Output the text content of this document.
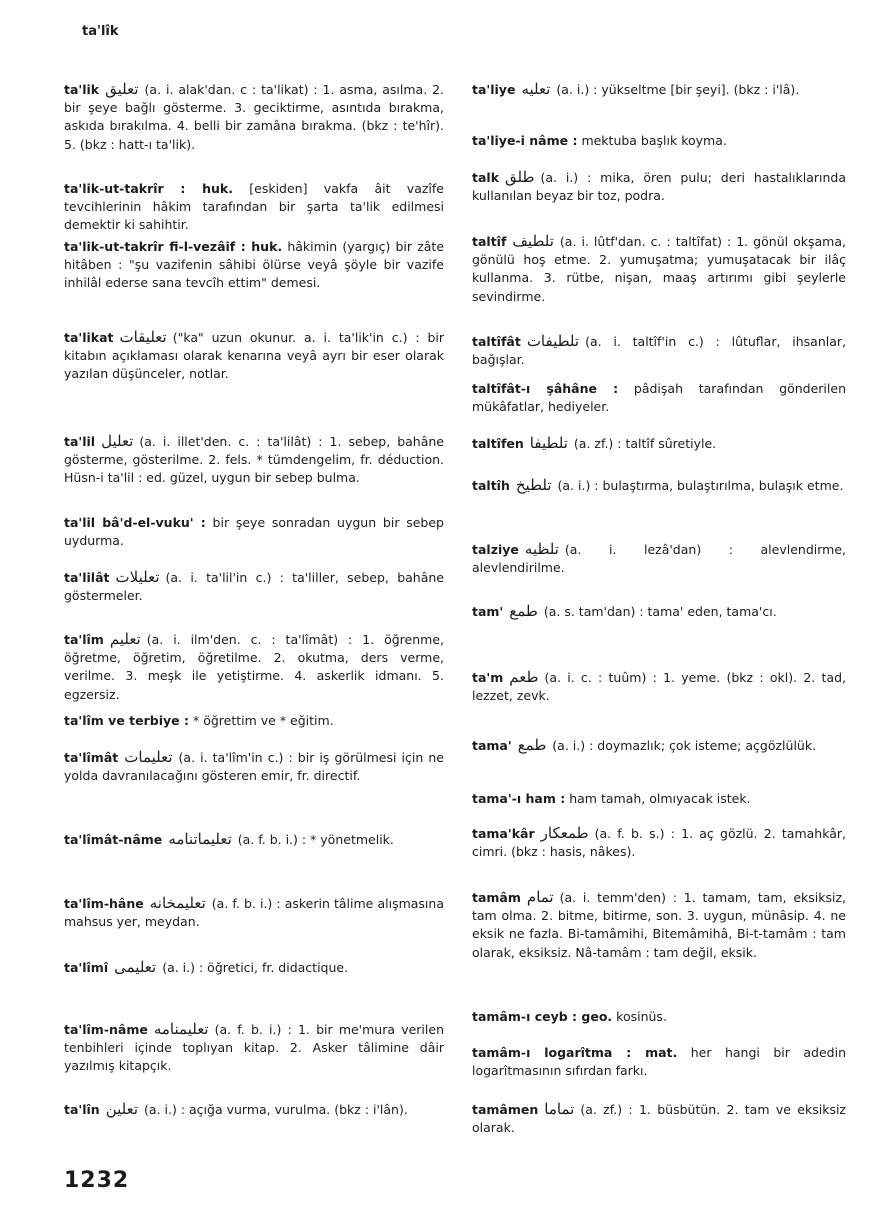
ta'lîk
ta'lik تعليق (a. i. alak'dan. c : ta'likat) : 1. asma, asılma. 2. bir şeye bağlı gösterme. 3. geciktirme, asıntıda bırakma, askıda bırakılma. 4. belli bir zamâna bırakma. (bkz : te'hîr). 5. (bkz : hatt-ı ta'lik).
ta'lik-ut-takrîr : huk. [eskiden] vakfa âit vazîfe tevcihlerinin hâkim tarafından bir şarta ta'lik edilmesi demektir ki sahihtir.
ta'lik-ut-takrîr fi-l-vezâif : huk. hâkimin (yargıç) bir zâte hitâben : "şu vazifenin sâhibi ölürse veyâ şöyle bir vazife inhilâl ederse sana tevcîh ettim" demesi.
ta'likat تعليقات ("ka" uzun okunur. a. i. ta'lik'in c.) : bir kitabın açıklaması olarak kenarına veyâ ayrı bir eser olarak yazılan düşünceler, notlar.
ta'lil تعليل (a. i. illet'den. c. : ta'lilât) : 1. sebep, bahâne gösterme, gösterilme. 2. fels. * tümdengelim, fr. déduction. Hüsn-i ta'lil : ed. güzel, uygun bir sebep bulma.
ta'lil bâ'd-el-vuku' : bir şeye sonradan uygun bir sebep uydurma.
ta'lilât تعليلات (a. i. ta'lil'in c.) : ta'liller, sebep, bahâne göstermeler.
ta'lîm تعليم (a. i. ilm'den. c. : ta'lîmât) : 1. öğrenme, öğretme, öğretim, öğretilme. 2. okutma, ders verme, verilme. 3. meşk ile yetiştirme. 4. askerlik idmanı. 5. egzersiz.
ta'lîm ve terbiye : * öğrettim ve * eğitim.
ta'lîmât تعليمات (a. i. ta'lîm'in c.) : bir iş görülmesi için ne yolda davranılacağını gösteren emir, fr. directif.
ta'lîmât-nâme تعليماتنامه (a. f. b. i.) : * yönetmelik.
ta'lîm-hâne تعليمخانه (a. f. b. i.) : askerin tâlime alışmasına mahsus yer, meydan.
ta'lîmî تعليمى (a. i.) : öğretici, fr. didactique.
ta'lîm-nâme تعليمنامه (a. f. b. i.) : 1. bir me'mura verilen tenbihleri içinde toplıyan kitap. 2. Asker tâlimine dâir yazılmış kitapçık.
ta'lîn تعلين (a. i.) : açığa vurma, vurulma. (bkz : i'lân).
ta'liye تعليه (a. i.) : yükseltme [bir şeyi]. (bkz : i'lâ).
ta'liye-i nâme : mektuba başlık koyma.
talk طلق (a. i.) : mika, ören pulu; deri hastalıklarında kullanılan beyaz bir toz, podra.
taltîf تلطيف (a. i. lûtf'dan. c. : taltîfat) : 1. gönül okşama, gönülü hoş etme. 2. yumuşatma; yumuşatacak bir ilâç kullanma. 3. rütbe, nişan, maaş artırımı gibi şeylerle sevindirme.
taltîfât تلطيفات (a. i. taltîf'in c.) : lûtuflar, ihsanlar, bağışlar.
taltîfât-ı şâhâne : pâdişah tarafından gönderilen mükâfatlar, hediyeler.
taltîfen تلطيفا (a. zf.) : taltîf sûretiyle.
taltîh تلطيخ (a. i.) : bulaştırma, bulaştırılma, bulaşık etme.
talziye تلظيه (a. i. lezâ'dan) : alevlendirme, alevlendirilme.
tam' طمع (a. s. tam'dan) : tama' eden, tama'cı.
ta'm طعم (a. i. c. : tuûm) : 1. yeme. (bkz : okl). 2. tad, lezzet, zevk.
tama' طمع (a. i.) : doymazlık; çok isteme; açgözlülük.
tama'-ı ham : ham tamah, olmıyacak istek.
tama'kâr طمعكار (a. f. b. s.) : 1. aç gözlü. 2. tamahkâr, cimri. (bkz : hasis, nâkes).
tamâm تمام (a. i. temm'den) : 1. tamam, tam, eksiksiz, tam olma. 2. bitme, bitirme, son. 3. uygun, münâsip. 4. ne eksik ne fazla. Bi-tamâmihi, Bitemâmihâ, Bi-t-tamâm : tam olarak, eksiksiz. Nâ-tamâm : tam değil, eksik.
tamâm-ı ceyb : geo. kosinüs.
tamâm-ı logarîtma : mat. her hangi bir adedin logarîtmasının sıfırdan farkı.
tamâmen تماما (a. zf.) : 1. büsbütün. 2. tam ve eksiksiz olarak.
1232
